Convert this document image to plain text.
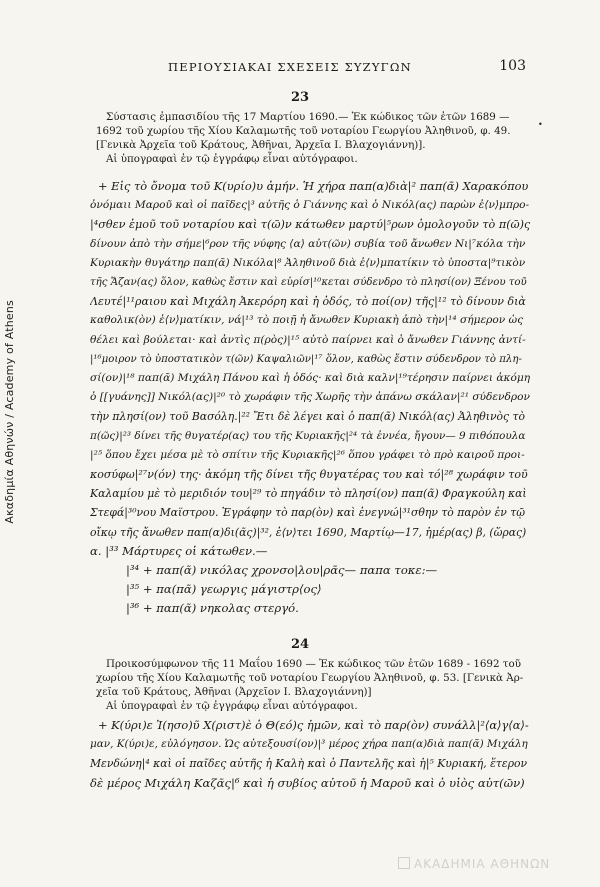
Ακαδημία Αθηνών / Academy of Athens
ΠΕΡΙΟΥΣΙΑΚΑΙ ΣΧΕΣΕΙΣ ΣΥΖΥΓΩΝ	103
•
23
Σύστασις ἐμπασιδίου τῆς 17 Μαρτίου 1690.— Ἐκ κώδικος τῶν ἐτῶν 1689 —
1692 τοῦ χωρίου τῆς Χίου Καλαμωτῆς τοῦ νοταρίου Γεωργίου Ἀληθινοῦ, φ. 49.
[Γενικὰ Ἀρχεῖα τοῦ Κράτους, Ἀθῆναι, Ἀρχεῖα Ι. Βλαχογιάννη)].
Αἱ ὑπογραφαὶ ἐν τῷ ἐγγράφῳ εἶναι αὐτόγραφοι.
+ Εἰς τὸ ὄνομα τοῦ Κ(υρίο)υ ἀμήν. Ἡ χήρα παπ(α)διὰ|² παπ(ᾶ) Χαρακόπου
ὀνόμαιι Μαρoῦ καὶ οἱ παῖδες|³ αὐτῆς ὁ Γιάννης καὶ ὁ Νικόλ(ας) παρὼν ἐ⟨ν⟩μπρο-
|⁴σθεν ἐμοῦ τοῦ νοταρίου καὶ τ(ῶ)ν κάτωθεν μαρτύ|⁵ρων ὁμολογοῦν τὸ π(ῶ)ς
δίνουν ἀπὸ τὴν σήμε|⁶ρον τῆς νύφης ⟨α⟩ αὐτ(ῶν) συβία τοῦ ἄνωθεν Νι|⁷κόλα τὴν
Κυριακὴν θυγάτηρ παπ(ᾶ) Νικόλα|⁸ Ἀληθινοῦ διὰ ἐ⟨ν⟩μπατίκιν τὸ ὑποστα|⁹τικὸν
τῆς Ἄζαν(ας) ὅλον, καθὼς ἔστιν καὶ εὑρίσ|¹⁰κεται σύδενδρο τὸ πλησί(ον) Ξένου τοῦ
Λευτέ|¹¹ραιου καὶ Μιχάλη Ἀκερόρη καὶ ἡ ὁδός, τὸ ποί(ον) τῆς|¹² τὸ δίνουν διὰ
καθολικ(ὸν) ἐ⟨ν⟩ματίκιν, νά|¹³ τὸ ποιῇ ἡ ἄνωθεν Κυριακὴ ἀπὸ τὴν|¹⁴ σήμερον ὡς
θέλει καὶ βούλεται· καὶ ἀντὶς π(ρὸς)|¹⁵ αὐτὸ παίρνει καὶ ὁ ἄνωθεν Γιάννης ἀντί-
|¹⁶μοιρον τὸ ὑποστατικὸν τ(ῶν) Καψαλιῶν|¹⁷ ὅλον, καθὼς ἔστιν σύδενδρον τὸ πλη-
σί(ον)|¹⁸ παπ(ᾶ) Μιχάλη Πάνου καὶ ἡ ὁδός· καὶ διὰ καλν|¹⁹τέρησιν παίρνει ἀκόμη
ὁ [[γυάνης]] Νικόλ(ας)|²⁰ τὸ χωράφιν τῆς Χωρῆς τὴν ἀπάνω σκάλαν|²¹ σύδενδρον
τὴν πλησί(ον) τοῦ Βασόλη.|²² Ἔτι δὲ λέγει καὶ ὁ παπ(ᾶ) Νικόλ(ας) Ἀληθινὸς τὸ
π(ῶς)|²³ δίνει τῆς θυγατέρ(ας) του τῆς Κυριακῆς|²⁴ τὰ ἐννέα, ἤγουν— 9 πιθόπουλα
|²⁵ ὅπου ἔχει μέσα μὲ τὸ σπίτιν τῆς Κυριακῆς|²⁶ ὅπου γράφει τὸ πρὸ καιροῦ προι-
κοσύφω|²⁷ν(όν) της· ἀκόμη τῆς δίνει τῆς θυγατέρας του καὶ τό|²⁸ χωράφιν τοῦ
Καλαμίου μὲ τὸ μεριδιόν του|²⁹ τὸ πηγάδιν τὸ πλησί(ον) παπ(ᾶ) Φραγκούλη καὶ
Στεφά|³⁰νου Μαϊστρου. Ἐγράφην τὸ παρ(ὸν) καὶ ἐνεγνώ|³¹σθην τὸ παρὸν ἐν τῷ
οἴκῳ τῆς ἄνωθεν παπ(α)δι(ᾶς)|³², ἐ⟨ν⟩τει 1690, Μαρτίῳ—17, ἡμέρ(ας) β, (ὥρας)
α. |³³ Μάρτυρες οἱ κάτωθεν.—
|³⁴ + παπ(ᾶ) νικόλας χρονσο|λου|ρᾶς— παπα τοκε:—
|³⁵ + πα(πᾶ) γεωργις μάγιστρ⟨ος⟩
|³⁶ + παπ(ᾶ) νηκολας στεργό.
24
Προικοσύμφωνον τῆς 11 Μαΐου 1690 — Ἐκ κώδικος τῶν ἐτῶν 1689 - 1692 τοῦ
χωρίου τῆς Χίου Καλαμωτῆς τοῦ νοταρίου Γεωργίου Ἀληθινοῦ, φ. 53. [Γενικὰ Ἀρ-
χεῖα τοῦ Κράτους, Ἀθῆναι (Ἀρχεῖον Ι. Βλαχογιάννη)]
Αἱ ὑπογραφαὶ ἐν τῷ ἐγγράφῳ εἶναι αὐτόγραφοι.
+ Κ(ύρι)ε Ἰ(ησο)ῦ Χ(ριστ)ὲ ὁ Θ(εό)ς ἡμῶν, καὶ τὸ παρ(ὸν) συνάλλ|²⟨α⟩γ⟨α⟩-
μαν, Κ(ύρι)ε, εὐλόγησον. Ὡς αὐτεξουσί(ον)|³ μέρος χήρα παπ(α)διὰ παπ(ᾶ) Μιχάλη
Μενδώνη|⁴ καὶ οἱ παῖδες αὐτῆς ἡ Καλὴ καὶ ὁ Παντελῆς καὶ ἡ|⁵ Κυριακή, ἕτερον
δὲ μέρος Μιχάλη Καζᾶς|⁶ καὶ ἡ συβίος αὐτοῦ ἡ Μαρoῦ καὶ ὁ υἱὸς αὐτ(ῶν)
ΑΚΑΔΗΜΙΑ ΑΘΗΝΩΝ
